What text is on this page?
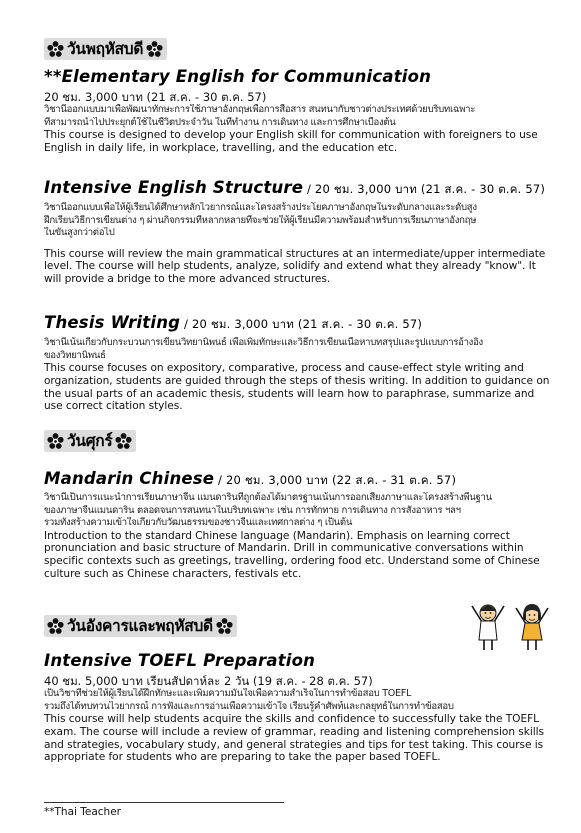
วันพฤหัสบดี
**Elementary English for Communication
20 ชม. 3,000 บาท (21 ส.ค. - 30 ต.ค. 57)
วิชานี้ออกแบบมาเพื่อพัฒนาทักษะการใช้ภาษาอังกฤษเพื่อการสื่อสาร สนทนากับชาวต่างประเทศด้วยบริบทเฉพาะ
ที่สามารถนำไปประยุกต์ใช้ในชีวิตประจำวัน ในที่ทำงาน การเดินทาง และการศึกษาเบื้องต้น
This course is designed to develop your English skill for communication with foreigners to use English in daily life, in workplace, travelling, and the education etc.
Intensive English Structure / 20 ชม. 3,000 บาท (21 ส.ค. - 30 ต.ค. 57)
วิชานี้ออกแบบเพื่อให้ผู้เรียนได้ศึกษาหลักไวยากรณ์และโครงสร้างประโยคภาษาอังกฤษในระดับกลางและระดับสูง
ฝึกเรียนวิธีการเขียนต่าง ๆ ผ่านกิจกรรมที่หลากหลายที่จะช่วยให้ผู้เรียนมีความพร้อมสำหรับการเรียนภาษาอังกฤษ
ในขั้นสูงกว่าต่อไป
This course will review the main grammatical structures at an intermediate/upper intermediate level. The course will help students, analyze, solidify and extend what they already "know". It will provide a bridge to the more advanced structures.
Thesis Writing / 20 ชม. 3,000 บาท (21 ส.ค. - 30 ต.ค. 57)
วิชานี้เน้นเกี่ยวกับกระบวนการเขียนวิทยานิพนธ์ เพื่อเพิ่มทักษะและวิธีการเขียนเนื้อหาบทสรุปและรูปแบบการอ้างอิง
ของวิทยานิพนธ์
This course focuses on expository, comparative, process and cause-effect style writing and organization, students are guided through the steps of thesis writing. In addition to guidance on the usual parts of an academic thesis, students will learn how to paraphrase, summarize and use correct citation styles.
วันศุกร์
Mandarin Chinese / 20 ชม. 3,000 บาท (22 ส.ค. - 31 ต.ค. 57)
วิชานี้เป็นการแนะนำการเรียนภาษาจีน แมนดารินที่ถูกต้องได้มาตรฐานเน้นการออกเสียงภาษาและโครงสร้างพื้นฐาน
ของภาษาจีนแมนดาริน ตลอดจนการสนทนาในบริบทเฉพาะ เช่น การทักทาย การเดินทาง การสั่งอาหาร ฯลฯ
รวมทั้งสร้างความเข้าใจเกี่ยวกับวัฒนธรรมของชาวจีนและเทศกาลต่าง ๆ เป็นต้น
Introduction to the standard Chinese language (Mandarin). Emphasis on learning correct pronunciation and basic structure of Mandarin. Drill in communicative conversations within specific contexts such as greetings, travelling, ordering food etc. Understand some of Chinese culture such as Chinese characters, festivals etc.
วันอังคารและพฤหัสบดี
Intensive TOEFL Preparation
40 ชม. 5,000 บาท เรียนสัปดาห์ละ 2 วัน (19 ส.ค. - 28 ต.ค. 57)
เป็นวิชาที่ช่วยให้ผู้เรียนได้ฝึกทักษะและเพิ่มความมั่นใจเพื่อความสำเร็จในการทำข้อสอบ TOEFL
รวมถึงได้ทบทวนไวยากรณ์ การฟังและการอ่านเพื่อความเข้าใจ เรียนรู้คำศัพท์และกลยุทธ์ในการทำข้อสอบ
This course will help students acquire the skills and confidence to successfully take the TOEFL exam. The course will include a review of grammar, reading and listening comprehension skills and strategies, vocabulary study, and general strategies and tips for test taking. This course is appropriate for students who are preparing to take the paper based TOEFL.
**Thai Teacher
